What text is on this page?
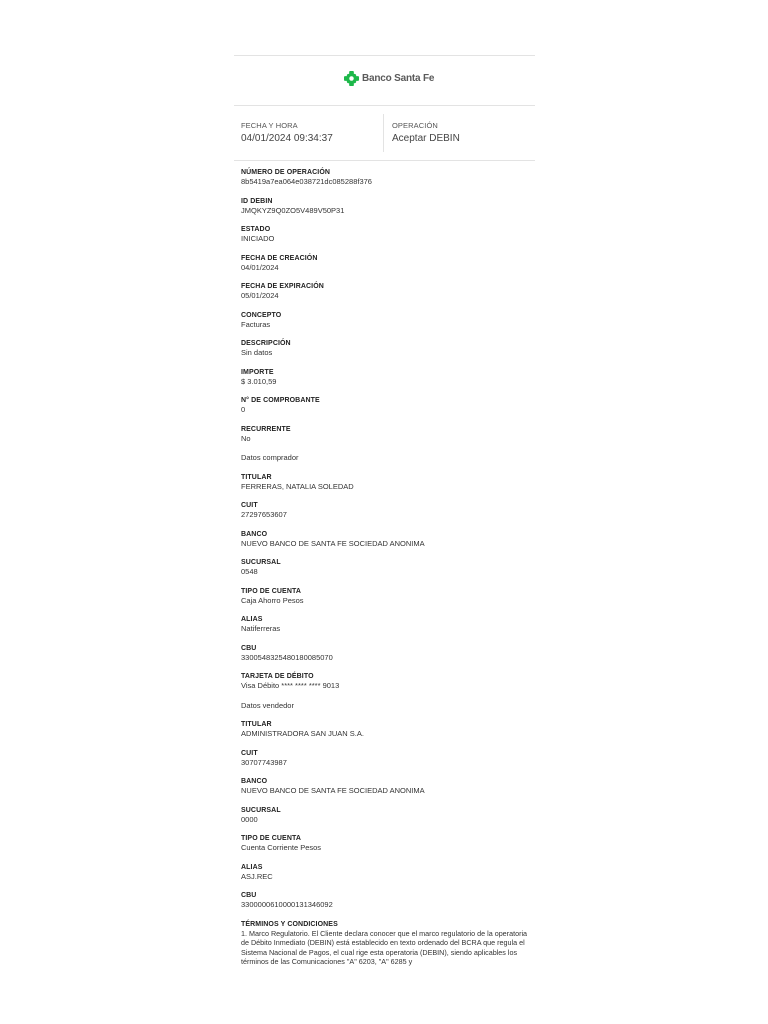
Banco Santa Fe
FECHA Y HORA
04/01/2024 09:34:37
OPERACIÓN
Aceptar DEBIN
NÚMERO DE OPERACIÓN
8b5419a7ea064e038721dc085288f376
ID DEBIN
JMQKYZ9Q0ZO5V489V50P31
ESTADO
INICIADO
FECHA DE CREACIÓN
04/01/2024
FECHA DE EXPIRACIÓN
05/01/2024
CONCEPTO
Facturas
DESCRIPCIÓN
Sin datos
IMPORTE
$ 3.010,59
N° DE COMPROBANTE
0
RECURRENTE
No
Datos comprador
TITULAR
FERRERAS, NATALIA SOLEDAD
CUIT
27297653607
BANCO
NUEVO BANCO DE SANTA FE SOCIEDAD ANONIMA
SUCURSAL
0548
TIPO DE CUENTA
Caja Ahorro Pesos
ALIAS
Natiferreras
CBU
3300548325480180085070
TARJETA DE DÉBITO
Visa Débito **** **** **** 9013
Datos vendedor
TITULAR
ADMINISTRADORA SAN JUAN S.A.
CUIT
30707743987
BANCO
NUEVO BANCO DE SANTA FE SOCIEDAD ANONIMA
SUCURSAL
0000
TIPO DE CUENTA
Cuenta Corriente Pesos
ALIAS
ASJ.REC
CBU
3300000610000131346092
TÉRMINOS Y CONDICIONES
1. Marco Regulatorio. El Cliente declara conocer que el marco regulatorio de la operatoria de Débito Inmediato (DEBIN) está establecido en texto ordenado del BCRA que regula el Sistema Nacional de Pagos, el cual rige esta operatoria (DEBIN), siendo aplicables los términos de las Comunicaciones "A" 6203, "A" 6285 y
